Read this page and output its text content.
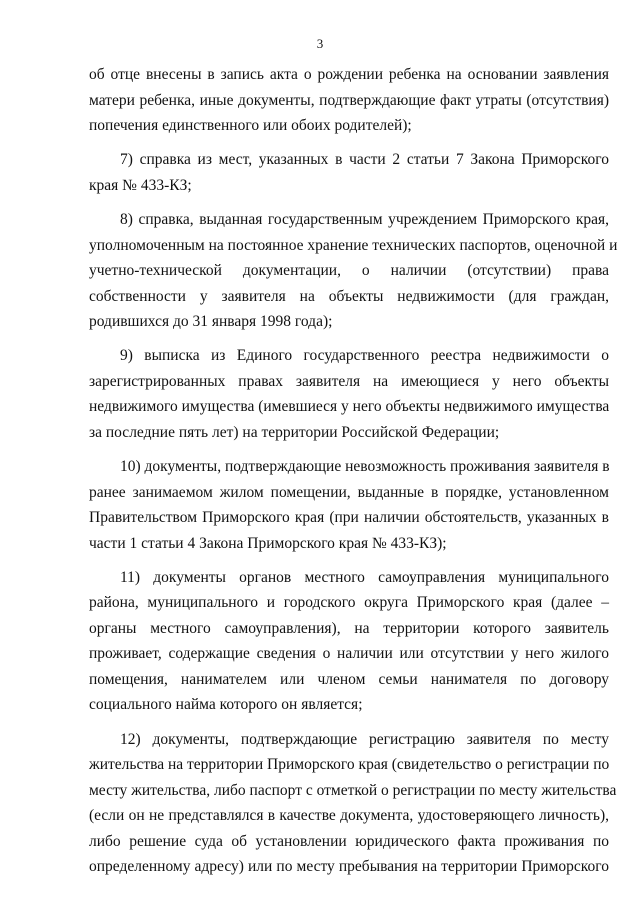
3
об отце внесены в запись акта о рождении ребенка на основании заявления
матери ребенка, иные документы, подтверждающие факт утраты (отсутствия)
попечения единственного или обоих родителей);
7) справка из мест, указанных в части 2 статьи 7 Закона Приморского
края № 433-КЗ;
8) справка, выданная государственным учреждением Приморского края,
уполномоченным на постоянное хранение технических паспортов, оценочной и
учетно-технической документации, о наличии (отсутствии) права
собственности у заявителя на объекты недвижимости (для граждан,
родившихся до 31 января 1998 года);
9) выписка из Единого государственного реестра недвижимости о
зарегистрированных правах заявителя на имеющиеся у него объекты
недвижимого имущества (имевшиеся у него объекты недвижимого имущества
за последние пять лет) на территории Российской Федерации;
10) документы, подтверждающие невозможность проживания заявителя в
ранее занимаемом жилом помещении, выданные в порядке, установленном
Правительством Приморского края (при наличии обстоятельств, указанных в
части 1 статьи 4 Закона Приморского края № 433-КЗ);
11) документы органов местного самоуправления муниципального
района, муниципального и городского округа Приморского края (далее –
органы местного самоуправления), на территории которого заявитель
проживает, содержащие сведения о наличии или отсутствии у него жилого
помещения, нанимателем или членом семьи нанимателя по договору
социального найма которого он является;
12) документы, подтверждающие регистрацию заявителя по месту
жительства на территории Приморского края (свидетельство о регистрации по
месту жительства, либо паспорт с отметкой о регистрации по месту жительства
(если он не представлялся в качестве документа, удостоверяющего личность),
либо решение суда об установлении юридического факта проживания по
определенному адресу) или по месту пребывания на территории Приморского
